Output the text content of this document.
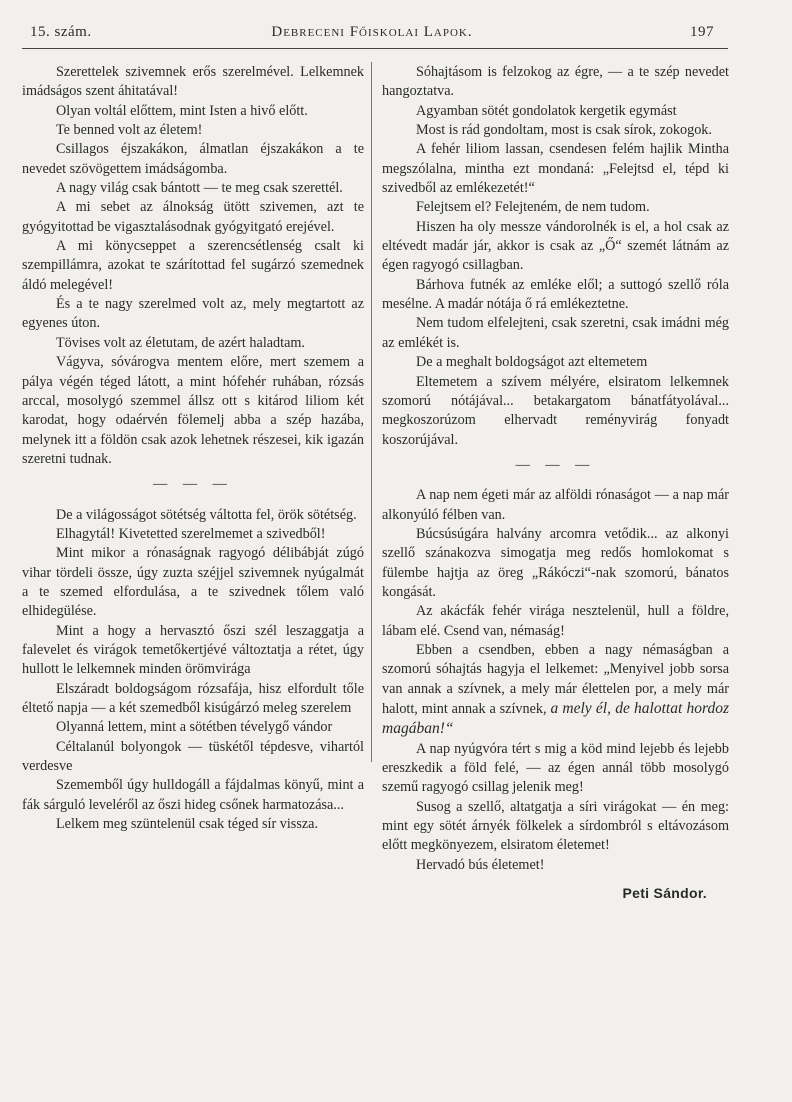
15. szám.	Debreceni Főiskolai Lapok.	197

Szerettelek szivemnek erős szerelmével. Lelkemnek imádságos szent áhitatával!

Olyan voltál előttem, mint Isten a hivő előtt.

Te benned volt az életem!

Csillagos éjszakákon, álmatlan éjszakákon a te nevedet szövögettem imádságomba.

A nagy világ csak bántott — te meg csak szerettél.

A mi sebet az álnokság ütött szivemen, azt te gyógyitottad be vigasztalásodnak gyógyitgató erejével.

A mi könycseppet a szerencsétlenség csalt ki szempillámra, azokat te szárítottad fel sugárzó szemednek áldó melegével!

És a te nagy szerelmed volt az, mely megtartott az egyenes úton.

Tövises volt az életutam, de azért haladtam.

Vágyva, sóvárogva mentem előre, mert szemem a pálya végén téged látott, a mint hófehér ruhában, rózsás arccal, mosolygó szemmel állsz ott s kitárod liliom két karodat, hogy odaérvén fölemelj abba a szép hazába, melynek itt a földön csak azok lehetnek részesei, kik igazán szeretni tudnak.

— — —

De a világosságot sötétség váltotta fel, örök sötétség.

Elhagytál! Kivetetted szerelmemet a szivedből!

Mint mikor a rónaságnak ragyogó délibábját zúgó vihar tördeli össze, úgy zuzta széjjel szivemnek nyúgalmát a te szemed elfordulása, a te szivednek tőlem való elhidegülése.

Mint a hogy a hervasztó őszi szél leszaggatja a falevelet és virágok temetőkertjévé változtatja a rétet, úgy hullott le lelkemnek minden örömvirága

Elszáradt boldogságom rózsafája, hisz elfordult tőle éltető napja — a két szemedből kisúgárzó meleg szerelem

Olyanná lettem, mint a sötétben tévelygő vándor

Céltalanúl bolyongok — tüskétől tépdesve, vihartól verdesve

Szememből úgy hulldogáll a fájdalmas könyű, mint a fák sárguló leveléről az őszi hideg csőnek harmatozása...

Lelkem meg szüntelenül csak téged sír vissza.

Sóhajtásom is felzokog az égre, — a te szép nevedet hangoztatva.

Agyamban sötét gondolatok kergetik egymást

Most is rád gondoltam, most is csak sírok, zokogok.

A fehér liliom lassan, csendesen felém hajlik Mintha megszólalna, mintha ezt mondaná: „Felejtsd el, tépd ki szivedből az emlékezetét!“

Felejtsem el? Felejteném, de nem tudom.

Hiszen ha oly messze vándorolnék is el, a hol csak az eltévedt madár jár, akkor is csak az „Ő“ szemét látnám az égen ragyogó csillagban.

Bárhova futnék az emléke elől; a suttogó szellő róla mesélne. A madár nótája ő rá emlékeztetne.

Nem tudom elfelejteni, csak szeretni, csak imádni még az emlékét is.

De a meghalt boldogságot azt eltemetem

Eltemetem a szívem mélyére, elsiratom lelkemnek szomorú nótájával... betakargatom bánatfátyolával... megkoszorúzom elhervadt reményvirág fonyadt koszorújával.

— — —

A nap nem égeti már az alföldi rónaságot — a nap már alkonyúló félben van.

Búcsúsúgára halvány arcomra vetődik... az alkonyi szellő szánakozva simogatja meg redős homlokomat s fülembe hajtja az öreg „Rákóczi“-nak szomorú, bánatos kongását.

Az akácfák fehér virága nesztelenül, hull a földre, lábam elé. Csend van, némaság!

Ebben a csendben, ebben a nagy némaságban a szomorú sóhajtás hagyja el lelkemet: „Menyivel jobb sorsa van annak a szívnek, a mely már élettelen por, a mely már halott, mint annak a szívnek, a mely él, de halottat hordoz magában!“

A nap nyúgvóra tért s mig a köd mind lejebb és lejebb ereszkedik a föld felé, — az égen annál több mosolygó szemű ragyogó csillag jelenik meg!

Susog a szellő, altatgatja a síri virágokat — én meg: mint egy sötét árnyék fölkelek a sírdombról s eltávozásom előtt megkönyezem, elsiratom életemet!

Hervadó bús életemet!

Peti Sándor.
